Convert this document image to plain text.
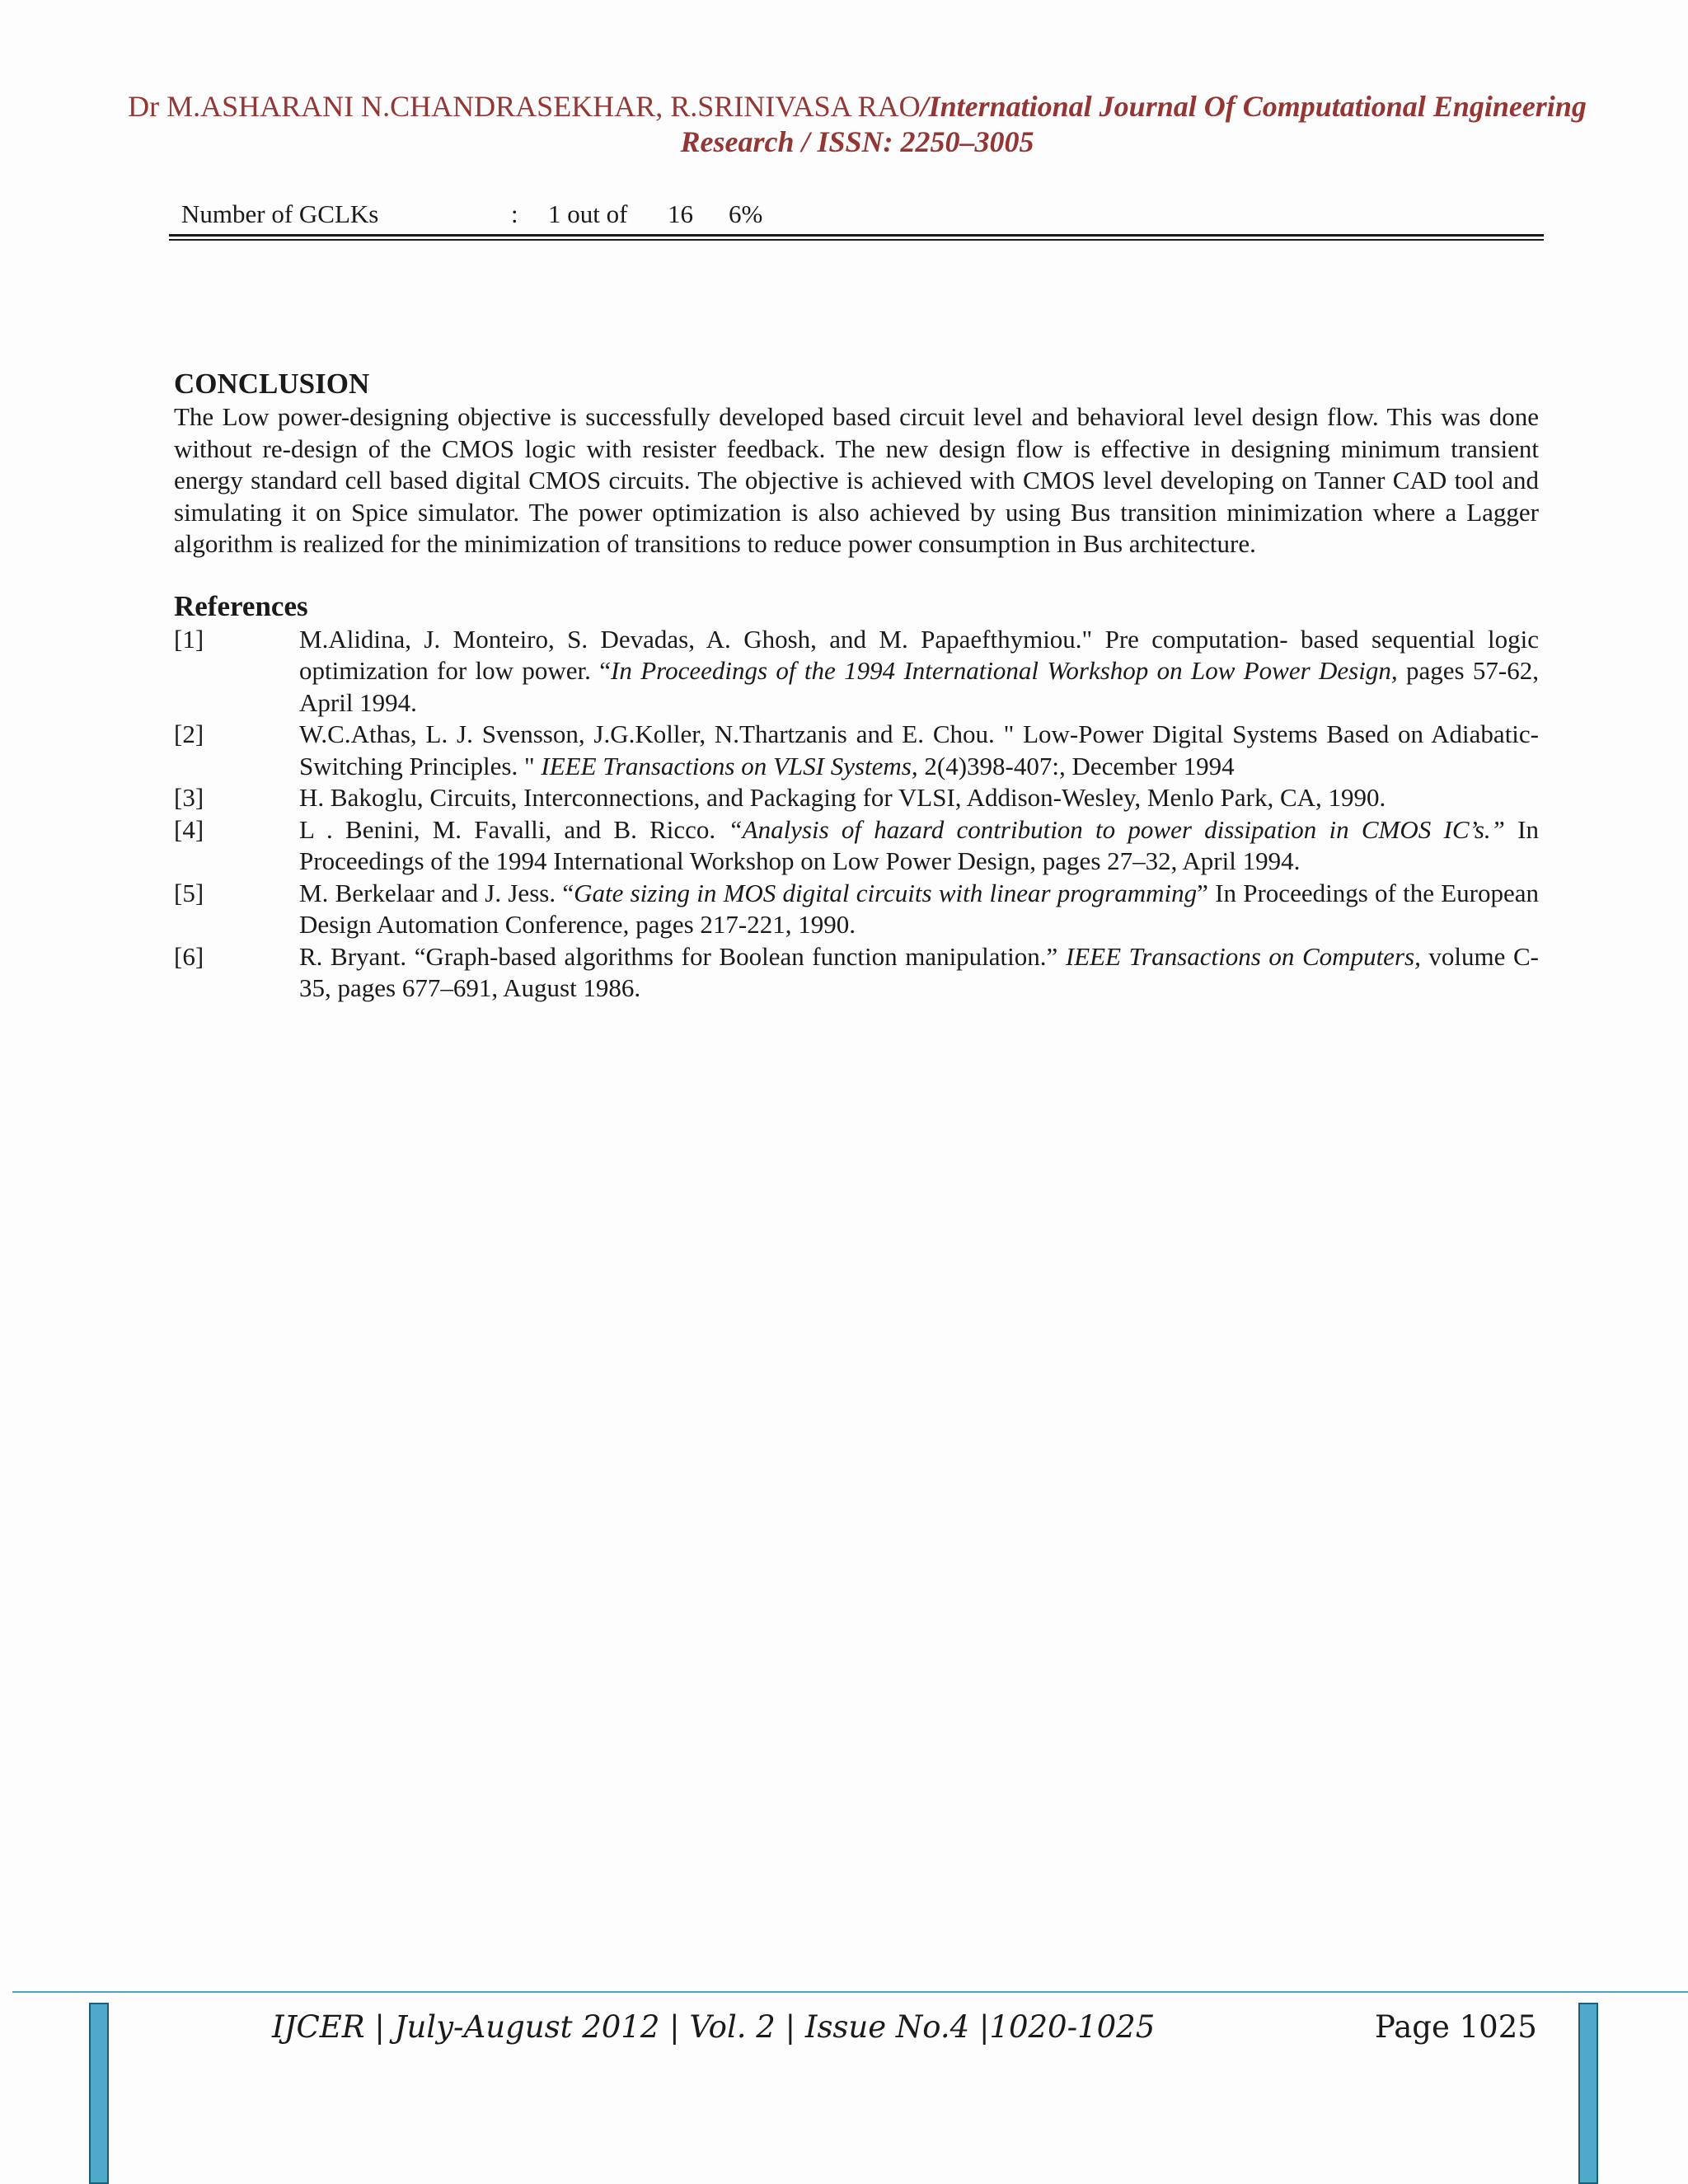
Dr M.ASHARANI N.CHANDRASEKHAR, R.SRINIVASA RAO/International Journal Of Computational Engineering Research / ISSN: 2250–3005
Number of GCLKs	: 1 out of 16 6%
CONCLUSION

The Low power-designing objective is successfully developed based circuit level and behavioral level design flow. This was done without re-design of the CMOS logic with resister feedback. The new design flow is effective in designing minimum transient energy standard cell based digital CMOS circuits. The objective is achieved with CMOS level developing on Tanner CAD tool and simulating it on Spice simulator. The power optimization is also achieved by using Bus transition minimization where a Lagger algorithm is realized for the minimization of transitions to reduce power consumption in Bus architecture.

References
[1]	M.Alidina, J. Monteiro, S. Devadas, A. Ghosh, and M. Papaefthymiou." Pre computation- based sequential logic optimization for low power. “In Proceedings of the 1994 International Workshop on Low Power Design, pages 57-62, April 1994.
[2]	W.C.Athas, L. J. Svensson, J.G.Koller, N.Thartzanis and E. Chou. " Low-Power Digital Systems Based on Adiabatic-Switching Principles. " IEEE Transactions on VLSI Systems, 2(4)398-407:, December 1994
[3]	H. Bakoglu, Circuits, Interconnections, and Packaging for VLSI, Addison-Wesley, Menlo Park, CA, 1990.
[4]	L . Benini, M. Favalli, and B. Ricco. “Analysis of hazard contribution to power dissipation in CMOS IC’s.” In Proceedings of the 1994 International Workshop on Low Power Design, pages 27–32, April 1994.
[5]	M. Berkelaar and J. Jess. “Gate sizing in MOS digital circuits with linear programming” In Proceedings of the European Design Automation Conference, pages 217-221, 1990.
[6]	R. Bryant. “Graph-based algorithms for Boolean function manipulation.” IEEE Transactions on Computers, volume C-35, pages 677–691, August 1986.
IJCER | July-August 2012 | Vol. 2 | Issue No.4 |1020-1025	Page 1025
